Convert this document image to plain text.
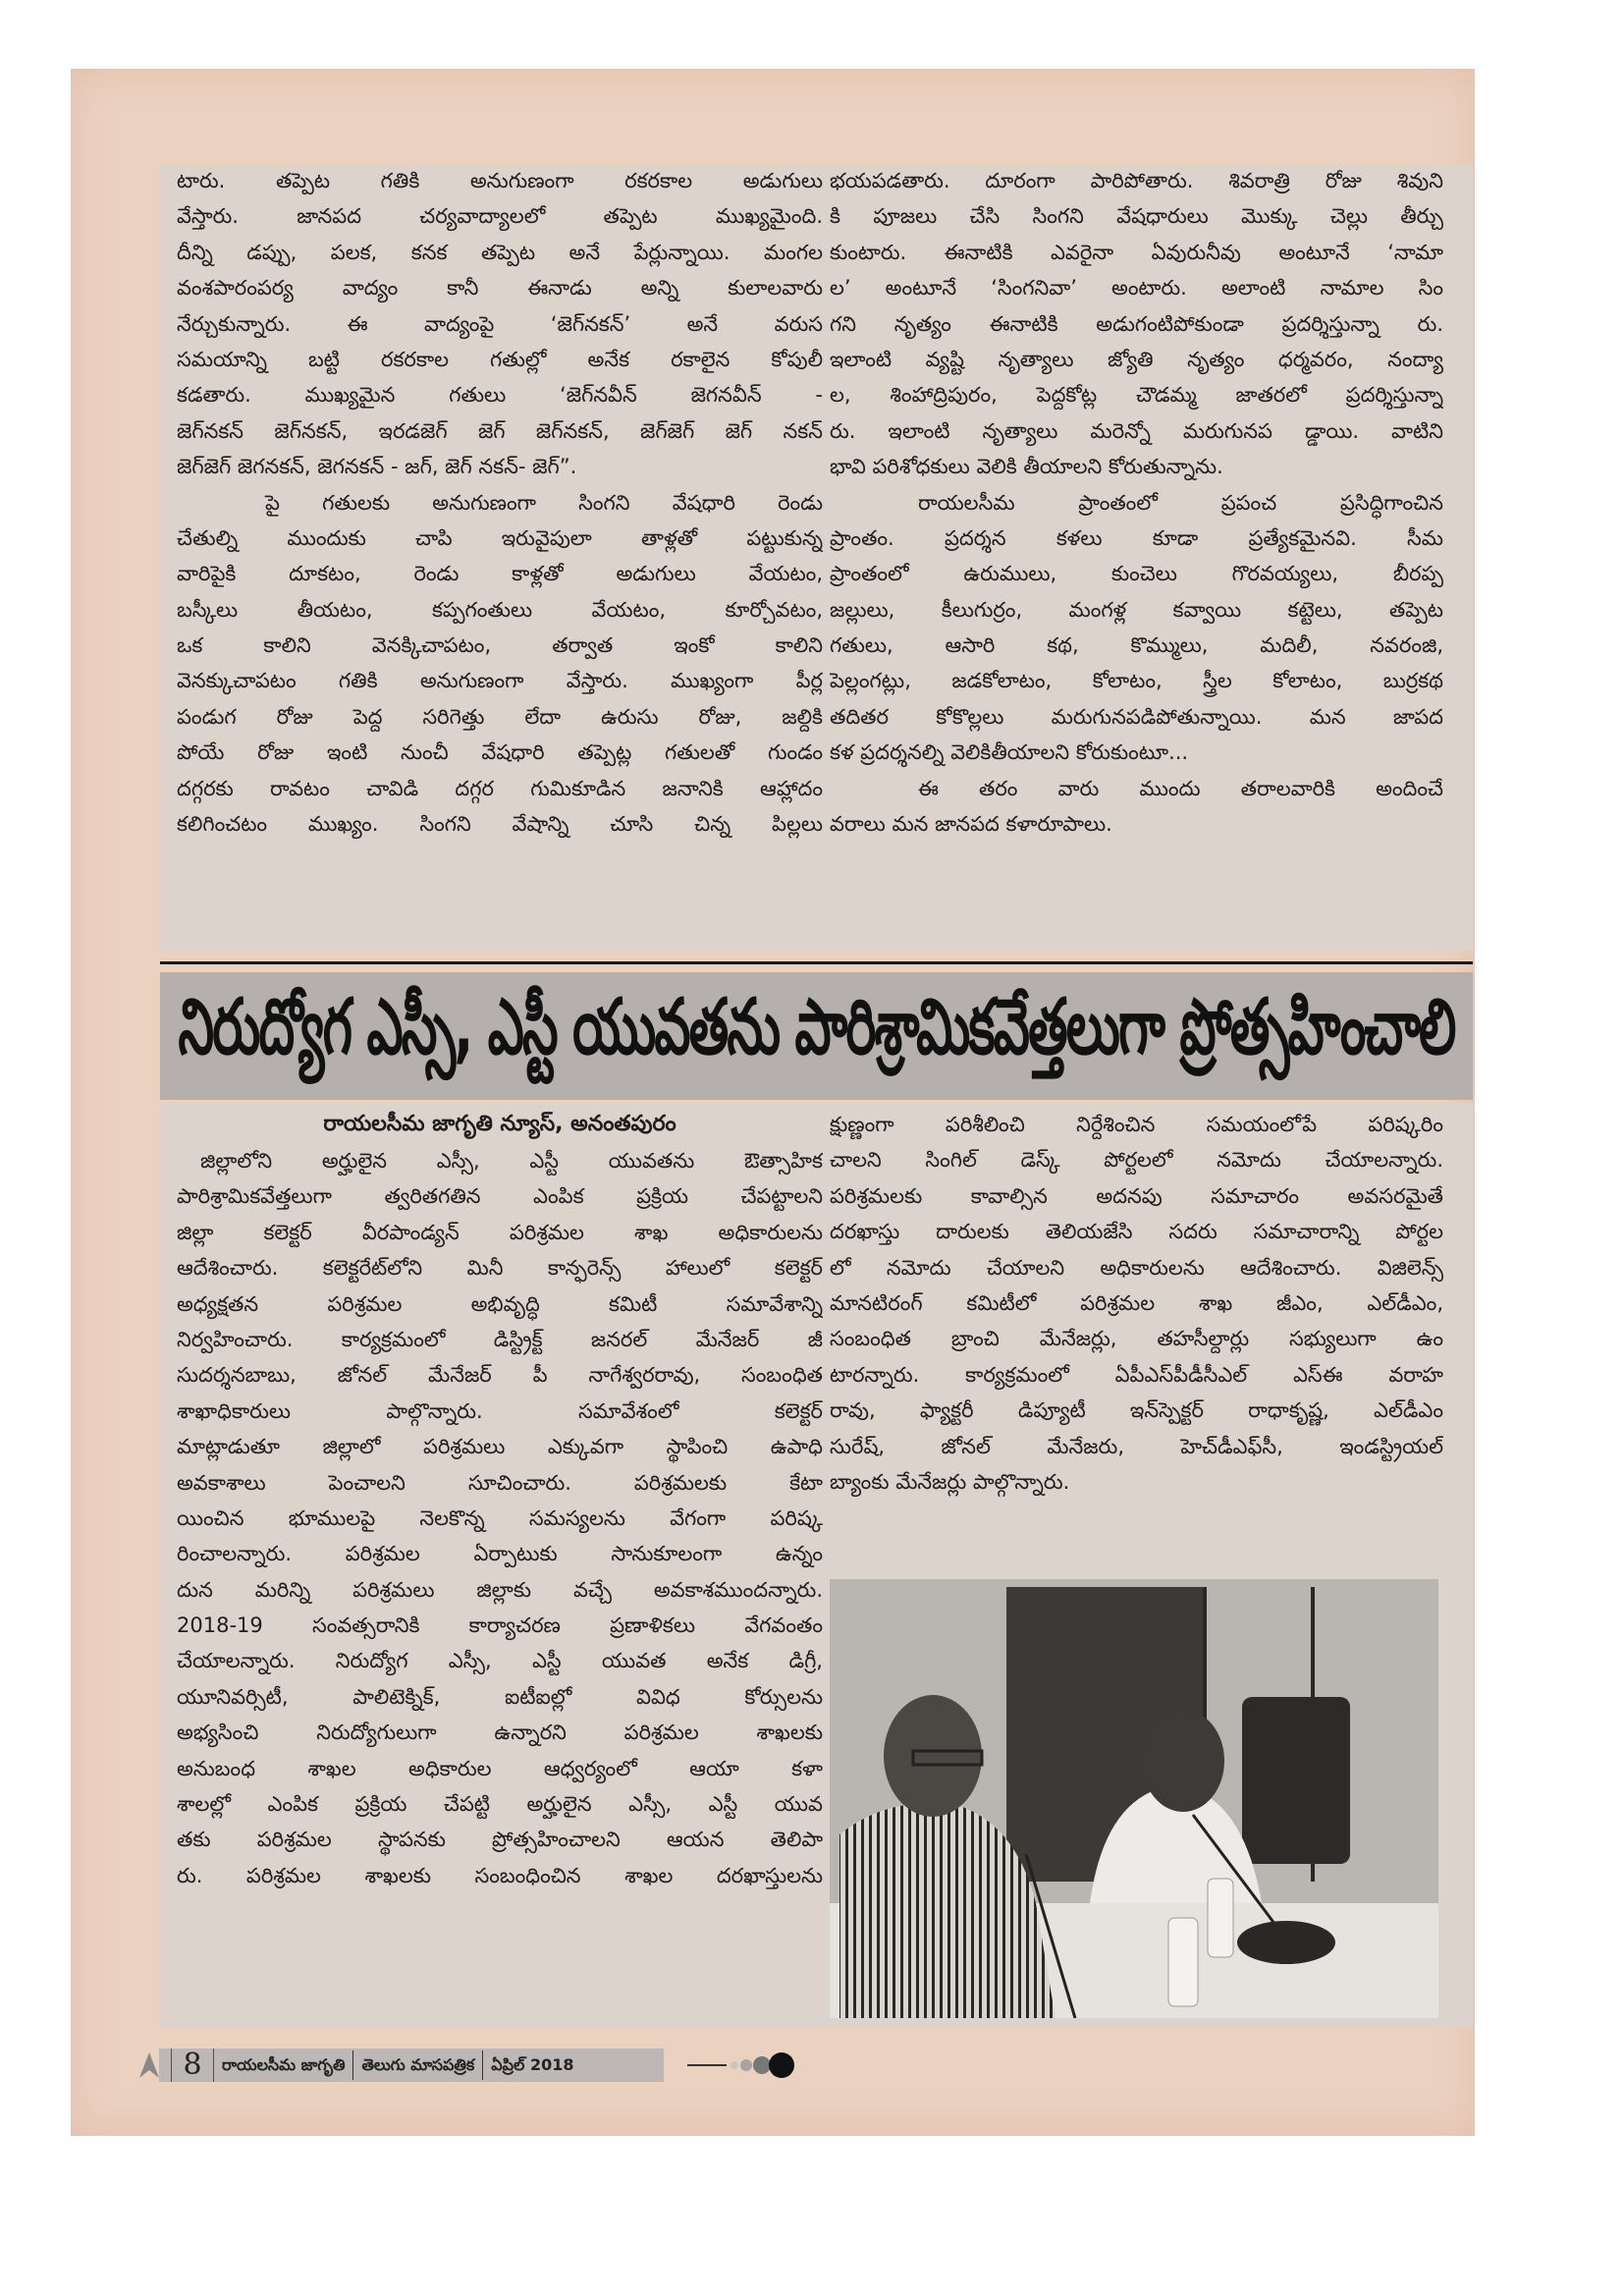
టారు. తప్పెట గతికి అనుగుణంగా రకరకాల అడుగులు
వేస్తారు. జానపద చర్యవాద్యాలలో తప్పెట ముఖ్యమైంది.
దీన్ని డప్పు, పలక, కనక తప్పెట అనే పేర్లున్నాయి. మంగల
వంశపారంపర్య వాద్యం కానీ ఈనాడు అన్ని కులాలవారు
నేర్చుకున్నారు. ఈ వాద్యంపై ‘జెగ్‌నకన్’ అనే వరుస
సమయాన్ని బట్టి రకరకాల గతుల్లో అనేక రకాలైన కోపులీ
కడతారు. ముఖ్యమైన గతులు ‘జెగ్‌నవీన్ జెగనవీన్ -
జెగ్‌నకన్ జెగ్‌నకన్, ఇరడజెగ్ జెగ్ జెగ్‌నకన్, జెగ్‌జెగ్ జెగ్ నకన్
జెగ్‌జెగ్ జెగనకన్, జెగనకన్ - జగ్, జెగ్ నకన్- జెగ్”.
పై గతులకు అనుగుణంగా సింగని వేషధారి రెండు
చేతుల్ని ముందుకు చాపి ఇరువైపులా తాళ్లతో పట్టుకున్న
వారిపైకి దూకటం, రెండు కాళ్లతో అడుగులు వేయటం,
బస్కీలు తీయటం, కప్పగంతులు వేయటం, కూర్చోవటం,
ఒక కాలిని వెనక్కిచాపటం, తర్వాత ఇంకో కాలిని
వెనక్కుచాపటం గతికి అనుగుణంగా వేస్తారు. ముఖ్యంగా పీర్ల
పండుగ రోజు పెద్ద సరిగెత్తు లేదా ఉరుసు రోజు, జల్దికి
పోయే రోజు ఇంటి నుంచీ వేషధారి తప్పెట్ల గతులతో గుండం
దగ్గరకు రావటం చావిడి దగ్గర గుమికూడిన జనానికి ఆహ్లాదం
కలిగించటం ముఖ్యం. సింగని వేషాన్ని చూసి చిన్న పిల్లలు
భయపడతారు. దూరంగా పారిపోతారు. శివరాత్రి రోజు శివుని
కి పూజలు చేసి సింగని వేషధారులు మొక్కు చెల్లు తీర్చు
కుంటారు. ఈనాటికి ఎవరైనా ఏవురునీవు అంటూనే ‘నామా
ల’ అంటూనే ‘సింగనివా’ అంటారు. అలాంటి నామాల సిం
గని నృత్యం ఈనాటికి అడుగంటిపోకుండా ప్రదర్శిస్తున్నా రు.
ఇలాంటి వ్యష్టి నృత్యాలు జ్యోతి నృత్యం ధర్మవరం, నంద్యా
ల, శింహాద్రిపురం, పెద్దకోట్ల చౌడమ్మ జాతరలో ప్రదర్శిస్తున్నా
రు. ఇలాంటి నృత్యాలు మరెన్నో మరుగునప డ్డాయి. వాటిని
భావి పరిశోధకులు వెలికి తీయాలని కోరుతున్నాను.
రాయలసీమ ప్రాంతంలో ప్రపంచ ప్రసిద్ధిగాంచిన
ప్రాంతం. ప్రదర్శన కళలు కూడా ప్రత్యేకమైనవి. సీమ
ప్రాంతంలో ఉరుములు, కుంచెలు గొరవయ్యలు, బీరప్ప
జల్లులు, కీలుగుర్రం, మంగళ్ల కవ్వాయి కట్టెలు, తప్పెట
గతులు, ఆసారి కథ, కొమ్ములు, మదిలీ, నవరంజి,
పెల్లంగట్లు, జడకోలాటం, కోలాటం, స్త్రీల కోలాటం, బుర్రకథ
తదితర కోకొల్లలు మరుగునపడిపోతున్నాయి. మన జాపద
కళ ప్రదర్శనల్ని వెలికితీయాలని కోరుకుంటూ...
ఈ తరం వారు ముందు తరాలవారికి అందించే
వరాలు మన జానపద కళారూపాలు.
నిరుద్యోగ ఎస్సీ, ఎస్టీ యువతను పారిశ్రామికవేత్తలుగా ప్రోత్సహించాలి
రాయలసీమ జాగృతి న్యూస్, అనంతపురం
జిల్లాలోని అర్హులైన ఎస్సీ, ఎస్టీ యువతను ఔత్సాహిక
పారిశ్రామికవేత్తలుగా త్వరితగతిన ఎంపిక ప్రక్రియ చేపట్టాలని
జిల్లా కలెక్టర్ వీరపాండ్యన్ పరిశ్రమల శాఖ అధికారులను
ఆదేశించారు. కలెక్టరేట్‌లోని మినీ కాన్ఫరెన్స్ హాలులో కలెక్టర్
అధ్యక్షతన పరిశ్రమల అభివృద్ధి కమిటీ సమావేశాన్ని
నిర్వహించారు. కార్యక్రమంలో డిస్ట్రిక్ట్ జనరల్ మేనేజర్ జీ
సుదర్శనబాబు, జోనల్ మేనేజర్ పీ నాగేశ్వరరావు, సంబంధిత
శాఖాధికారులు పాల్గొన్నారు. సమావేశంలో కలెక్టర్
మాట్లాడుతూ జిల్లాలో పరిశ్రమలు ఎక్కువగా స్థాపించి ఉపాధి
అవకాశాలు పెంచాలని సూచించారు. పరిశ్రమలకు కేటా
యించిన భూములపై నెలకొన్న సమస్యలను వేగంగా పరిష్క
రించాలన్నారు. పరిశ్రమల ఏర్పాటుకు సానుకూలంగా ఉన్నం
దున మరిన్ని పరిశ్రమలు జిల్లాకు వచ్చే అవకాశముందన్నారు.
2018-19 సంవత్సరానికి కార్యాచరణ ప్రణాళికలు వేగవంతం
చేయాలన్నారు. నిరుద్యోగ ఎస్సీ, ఎస్టీ యువత అనేక డిగ్రీ,
యూనివర్సిటీ, పాలిటెక్నిక్, ఐటీఐల్లో వివిధ కోర్సులను
అభ్యసించి నిరుద్యోగులుగా ఉన్నారని పరిశ్రమల శాఖలకు
అనుబంధ శాఖల అధికారుల ఆధ్వర్యంలో ఆయా కళా
శాలల్లో ఎంపిక ప్రక్రియ చేపట్టి అర్హులైన ఎస్సీ, ఎస్టీ యువ
తకు పరిశ్రమల స్థాపనకు ప్రోత్సహించాలని ఆయన తెలిపా
రు. పరిశ్రమల శాఖలకు సంబంధించిన శాఖల దరఖాస్తులను
క్షుణ్ణంగా పరిశీలించి నిర్దేశించిన సమయంలోపే పరిష్కరిం
చాలని సింగిల్ డెస్క్ పోర్టలలో నమోదు చేయాలన్నారు.
పరిశ్రమలకు కావాల్సిన అదనపు సమాచారం అవసరమైతే
దరఖాస్తు దారులకు తెలియజేసి సదరు సమాచారాన్ని పోర్టల
లో నమోదు చేయాలని అధికారులను ఆదేశించారు. విజిలెన్స్
మానటిరంగ్ కమిటీలో పరిశ్రమల శాఖ జీఎం, ఎల్‌డీఎం,
సంబంధిత బ్రాంచి మేనేజర్లు, తహసీల్దార్లు సభ్యులుగా ఉం
టారన్నారు. కార్యక్రమంలో ఏపీఎస్‌పీడీసీఎల్ ఎస్‌ఈ వరాహ
రావు, ఫ్యాక్టరీ డిప్యూటీ ఇన్‌స్పెక్టర్ రాధాకృష్ణ, ఎల్‌డీఎం
సురేష్, జోనల్ మేనేజరు, హెచ్‌డీఎఫ్‌సీ, ఇండస్ట్రియల్
బ్యాంకు మేనేజర్లు పాల్గొన్నారు.
8	రాయలసీమ జాగృతి	తెలుగు మాసపత్రిక	ఏప్రిల్ 2018
